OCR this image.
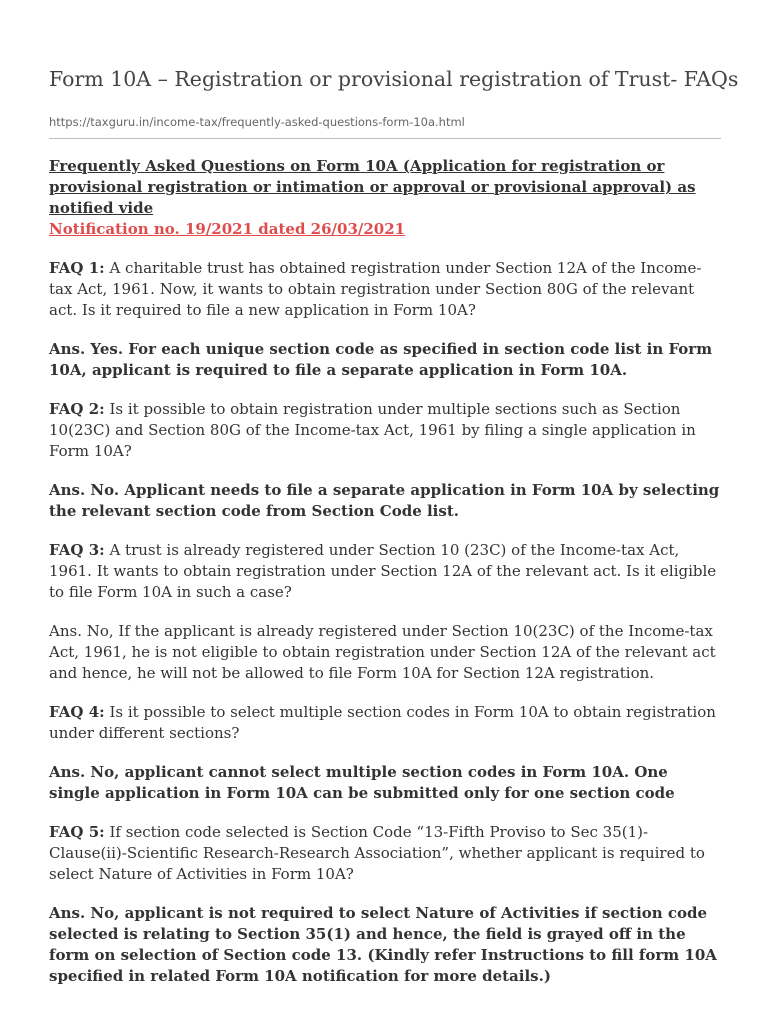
Form 10A – Registration or provisional registration of Trust- FAQs
https://taxguru.in/income-tax/frequently-asked-questions-form-10a.html

Frequently Asked Questions on Form 10A (Application for registration or provisional registration or intimation or approval or provisional approval) as notified vide
Notification no. 19/2021 dated 26/03/2021

FAQ 1: A charitable trust has obtained registration under Section 12A of the Income-tax Act, 1961. Now, it wants to obtain registration under Section 80G of the relevant act. Is it required to file a new application in Form 10A?

Ans. Yes. For each unique section code as specified in section code list in Form 10A, applicant is required to file a separate application in Form 10A.

FAQ 2: Is it possible to obtain registration under multiple sections such as Section 10(23C) and Section 80G of the Income-tax Act, 1961 by filing a single application in Form 10A?

Ans. No. Applicant needs to file a separate application in Form 10A by selecting the relevant section code from Section Code list.

FAQ 3: A trust is already registered under Section 10 (23C) of the Income-tax Act, 1961. It wants to obtain registration under Section 12A of the relevant act. Is it eligible to file Form 10A in such a case?

Ans. No, If the applicant is already registered under Section 10(23C) of the Income-tax Act, 1961, he is not eligible to obtain registration under Section 12A of the relevant act and hence, he will not be allowed to file Form 10A for Section 12A registration.

FAQ 4: Is it possible to select multiple section codes in Form 10A to obtain registration under different sections?

Ans. No, applicant cannot select multiple section codes in Form 10A. One single application in Form 10A can be submitted only for one section code

FAQ 5: If section code selected is Section Code “13-Fifth Proviso to Sec 35(1)-Clause(ii)-Scientific Research-Research Association”, whether applicant is required to select Nature of Activities in Form 10A?

Ans. No, applicant is not required to select Nature of Activities if section code selected is relating to Section 35(1) and hence, the field is grayed off in the form on selection of Section code 13. (Kindly refer Instructions to fill form 10A specified in related Form 10A notification for more details.)
